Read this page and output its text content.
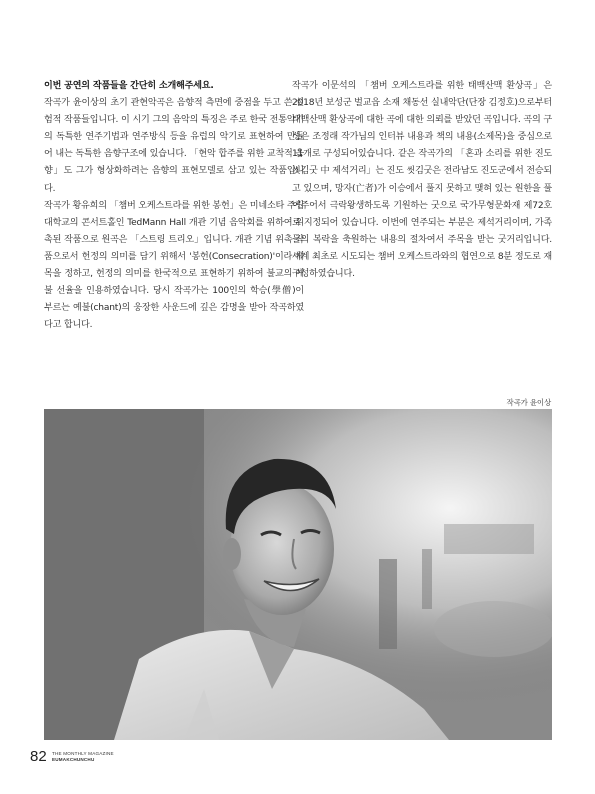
이번 공연의 작품들을 간단히 소개해주세요.

작곡가 윤이상의 초기 관현악곡은 음향적 측면에 중점을 두고 쓴 실험적 작품들입니다. 이 시기 그의 음악의 특징은 주로 한국 전통악기의 독특한 연주기법과 연주방식 등을 유럽의 악기로 표현하여 만들어 내는 독특한 음향구조에 있습니다. 「현악 합주를 위한 교착적 음향」도 그가 형상화하려는 음향의 표현모델로 삼고 있는 작품입니다.

작곡가 황유희의 「챔버 오케스트라를 위한 봉헌」은 미네소타 주립대학교의 콘서트홀인 TedMann Hall 개관 기념 음악회를 위하여 위촉된 작품으로 원곡은 「스트링 트리오」입니다. 개관 기념 위촉 작품으로서 헌정의 의미를 담기 위해서 '봉헌(Consecration)'이라 제목을 정하고, 헌정의 의미를 한국적으로 표현하기 위하여 불교의 예불 선율을 인용하였습니다. 당시 작곡가는 100인의 학승(學僧)이 부르는 예불(chant)의 웅장한 사운드에 깊은 감명을 받아 작곡하였다고 합니다.

작곡가 이문석의 「챔버 오케스트라를 위한 태백산맥 환상곡」은 2018년 보성군 벌교읍 소재 채동선 실내악단(단장 김정호)으로부터 태백산맥 환상곡에 대한 곡에 대한 의뢰를 받았던 곡입니다. 곡의 구성은 조정래 작가님의 인터뷰 내용과 책의 내용(소제목)을 중심으로 11개로 구성되어있습니다. 같은 작곡가의 「혼과 소리를 위한 진도 씻김굿 中 제석거리」는 진도 씻김굿은 전라남도 진도군에서 전승되고 있으며, 망자(亡者)가 이승에서 풀지 못하고 맺혀 있는 원한을 풀어주어서 극락왕생하도록 기원하는 굿으로 국가무형문화재 제72호로 지정되어 있습니다. 이번에 연주되는 부분은 제석거리이며, 가족들의 복락을 축원하는 내용의 절차여서 주목을 받는 굿거리입니다. 세계 최초로 시도되는 챔버 오케스트라와의 협연으로 8분 정도로 재구성하였습니다.

작곡가 윤이상
82 THE MONTHLY MAGAZINE
EUMAKCHUNCHU
